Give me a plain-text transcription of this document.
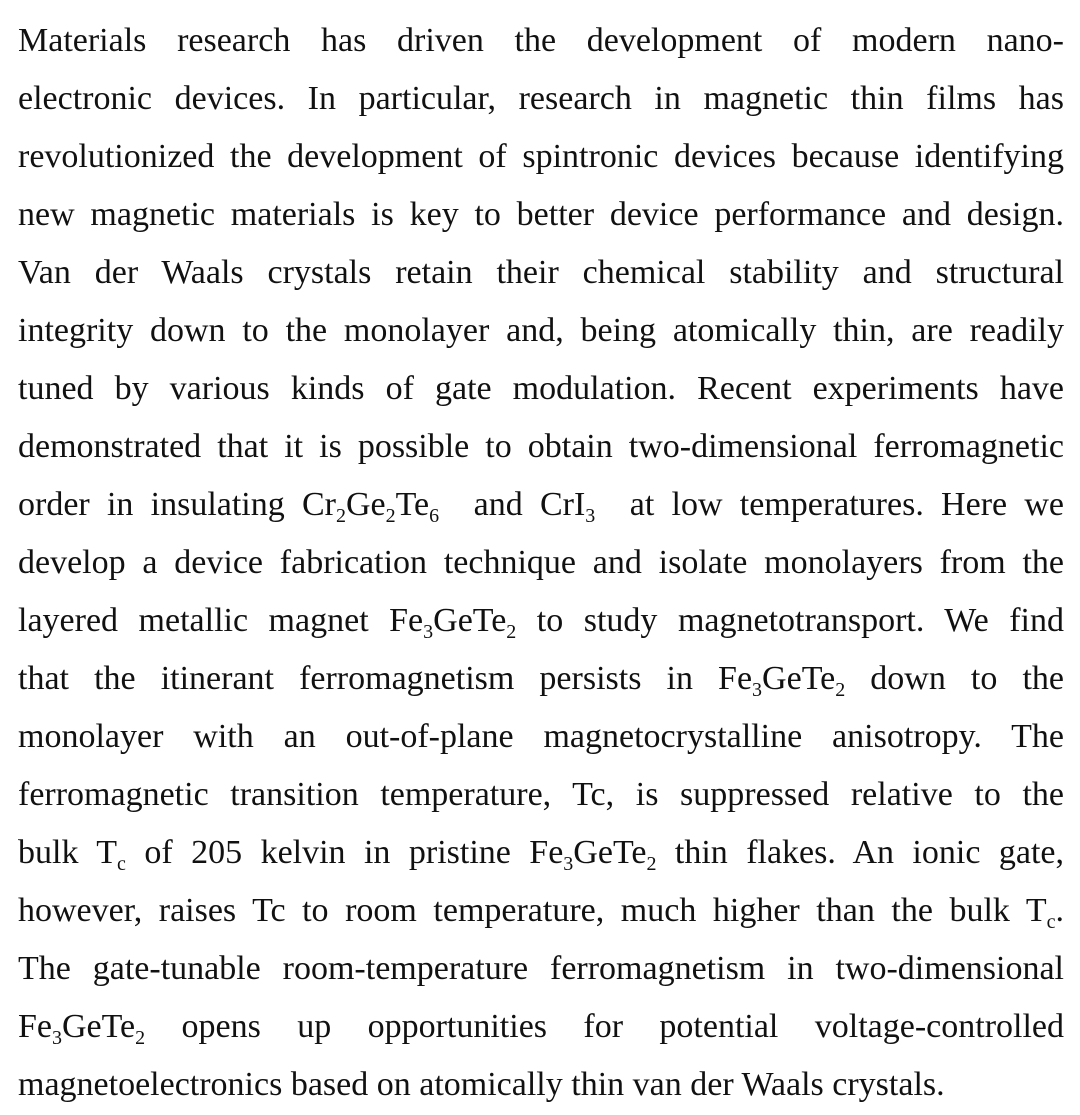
Materials research has driven the development of modern nano-
electronic devices. In particular, research in magnetic thin films has
revolutionized the development of spintronic devices because identifying
new magnetic materials is key to better device performance and design.
Van der Waals crystals retain their chemical stability and structural
integrity down to the monolayer and, being atomically thin, are readily
tuned by various kinds of gate modulation. Recent experiments have
demonstrated that it is possible to obtain two-dimensional ferromagnetic
order in insulating $Cr_2Ge_2Te_6$  and CrI$_3$  at low temperatures. Here we
develop a device fabrication technique and isolate monolayers from the
layered metallic magnet $Fe_3GeTe_2$ to study magnetotransport. We find
that the itinerant ferromagnetism persists in $Fe_3GeTe_2$ down to the
monolayer with an out-of-plane magnetocrystalline anisotropy. The
ferromagnetic transition temperature, Tc, is suppressed relative to the
bulk $T_c$ of 205 kelvin in pristine $Fe_3GeTe_2$ thin flakes. An ionic gate,
however, raises Tc to room temperature, much higher than the bulk $T_c$.
The gate-tunable room-temperature ferromagnetism in two-dimensional
$Fe_3GeTe_2$ opens up opportunities for potential voltage-controlled
magnetoelectronics based on atomically thin van der Waals crystals.
